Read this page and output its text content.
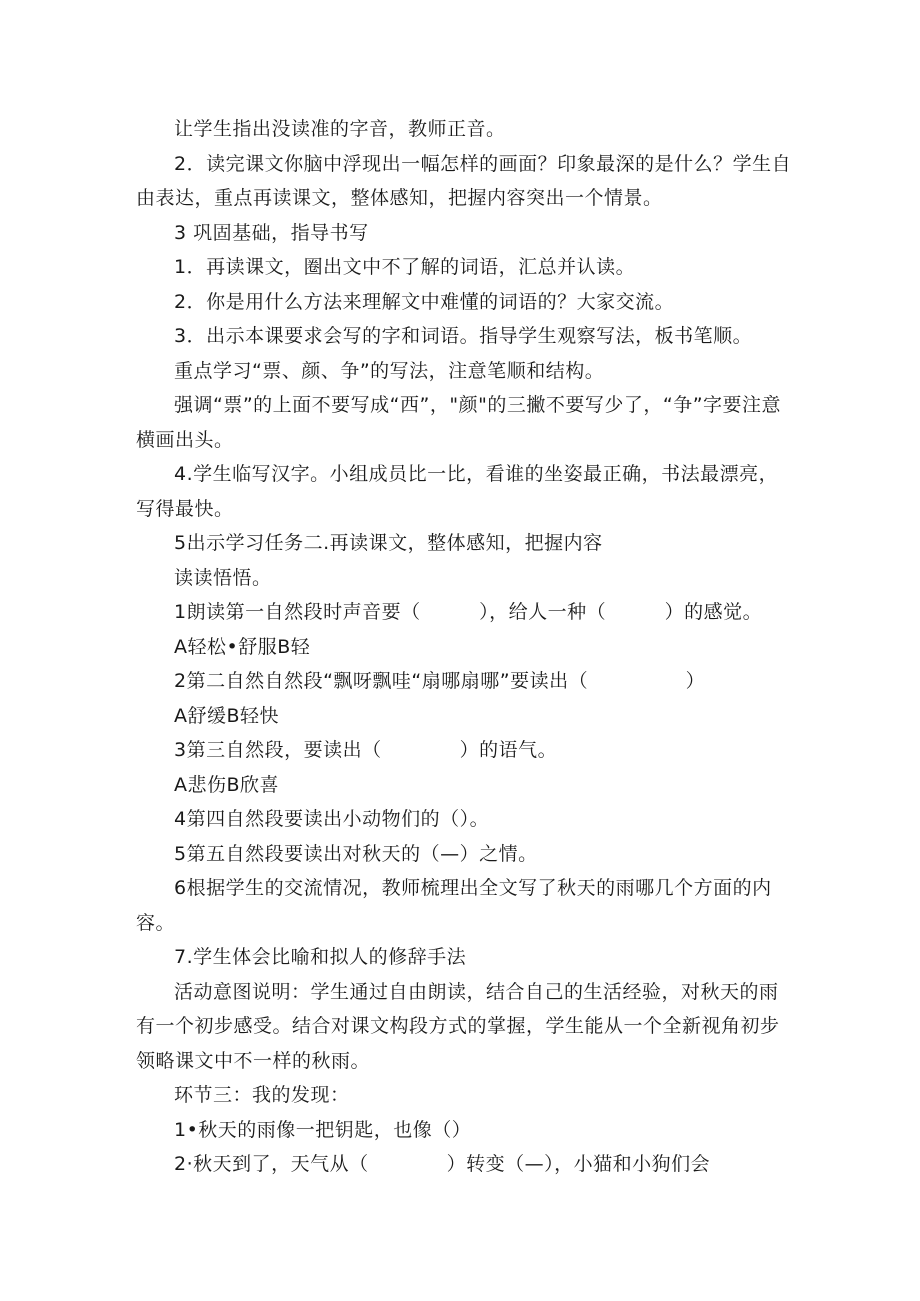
让学生指出没读准的字音，教师正音。

2．读完课文你脑中浮现出一幅怎样的画面？印象最深的是什么？学生自由表达，重点再读课文，整体感知，把握内容突出一个情景。

3 巩固基础，指导书写

1．再读课文，圈出文中不了解的词语，汇总并认读。

2．你是用什么方法来理解文中难懂的词语的？大家交流。

3．出示本课要求会写的字和词语。指导学生观察写法，板书笔顺。

重点学习“票、颜、争”的写法，注意笔顺和结构。

强调“票”的上面不要写成“西”，"颜"的三撇不要写少了，“争”字要注意横画出头。

4.学生临写汉字。小组成员比一比，看谁的坐姿最正确，书法最漂亮，写得最快。

5出示学习任务二.再读课文，整体感知，把握内容

读读悟悟。

1朗读第一自然段时声音要（　　　），给人一种（　　　）的感觉。

A轻松•舒服B轻

2第二自然自然段“飘呀飘哇“扇哪扇哪”要读出（　　　　　）

A舒缓B轻快

3第三自然段，要读出（　　　　）的语气。

A悲伤B欣喜

4第四自然段要读出小动物们的（）。

5第五自然段要读出对秋天的（—）之情。

6根据学生的交流情况，教师梳理出全文写了秋天的雨哪几个方面的内容。

7.学生体会比喻和拟人的修辞手法

活动意图说明：学生通过自由朗读，结合自己的生活经验，对秋天的雨有一个初步感受。结合对课文构段方式的掌握，学生能从一个全新视角初步领略课文中不一样的秋雨。

环节三：我的发现：

1•秋天的雨像一把钥匙，也像（）

2·秋天到了，天气从（　　　　）转变（—），小猫和小狗们会
